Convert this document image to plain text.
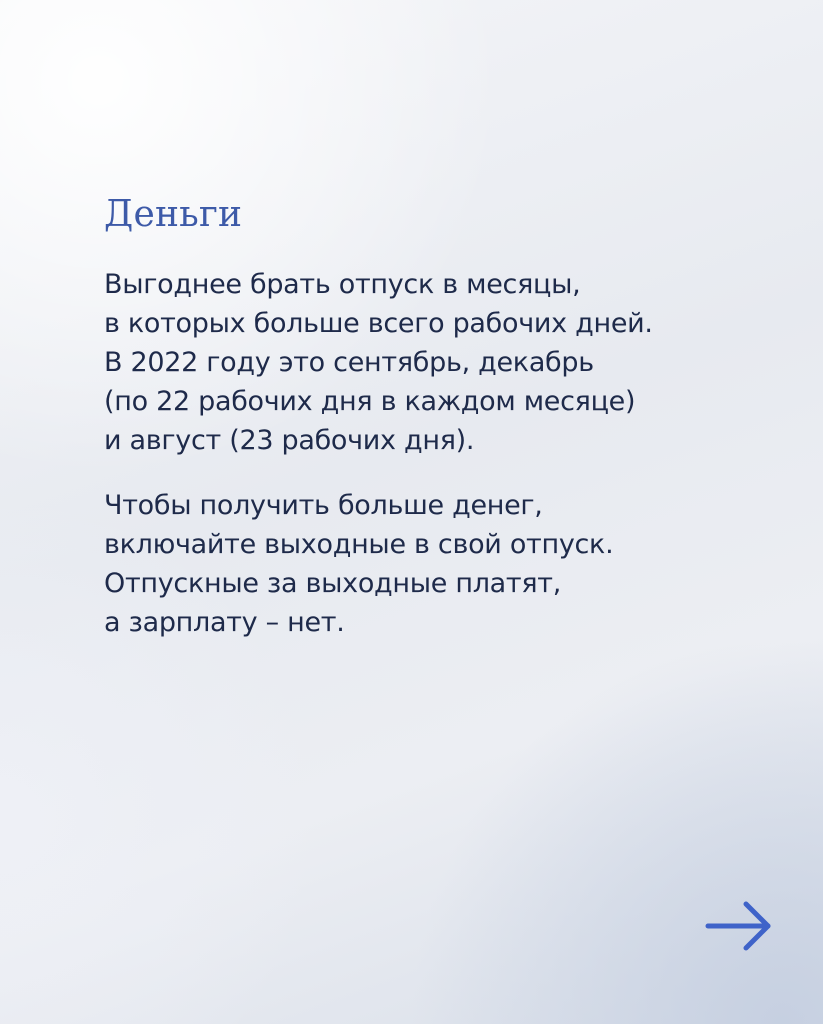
Деньги

Выгоднее брать отпуск в месяцы,
в которых больше всего рабочих дней.
В 2022 году это сентябрь, декабрь
(по 22 рабочих дня в каждом месяце)
и август (23 рабочих дня).

Чтобы получить больше денег,
включайте выходные в свой отпуск.
Отпускные за выходные платят,
а зарплату – нет.
